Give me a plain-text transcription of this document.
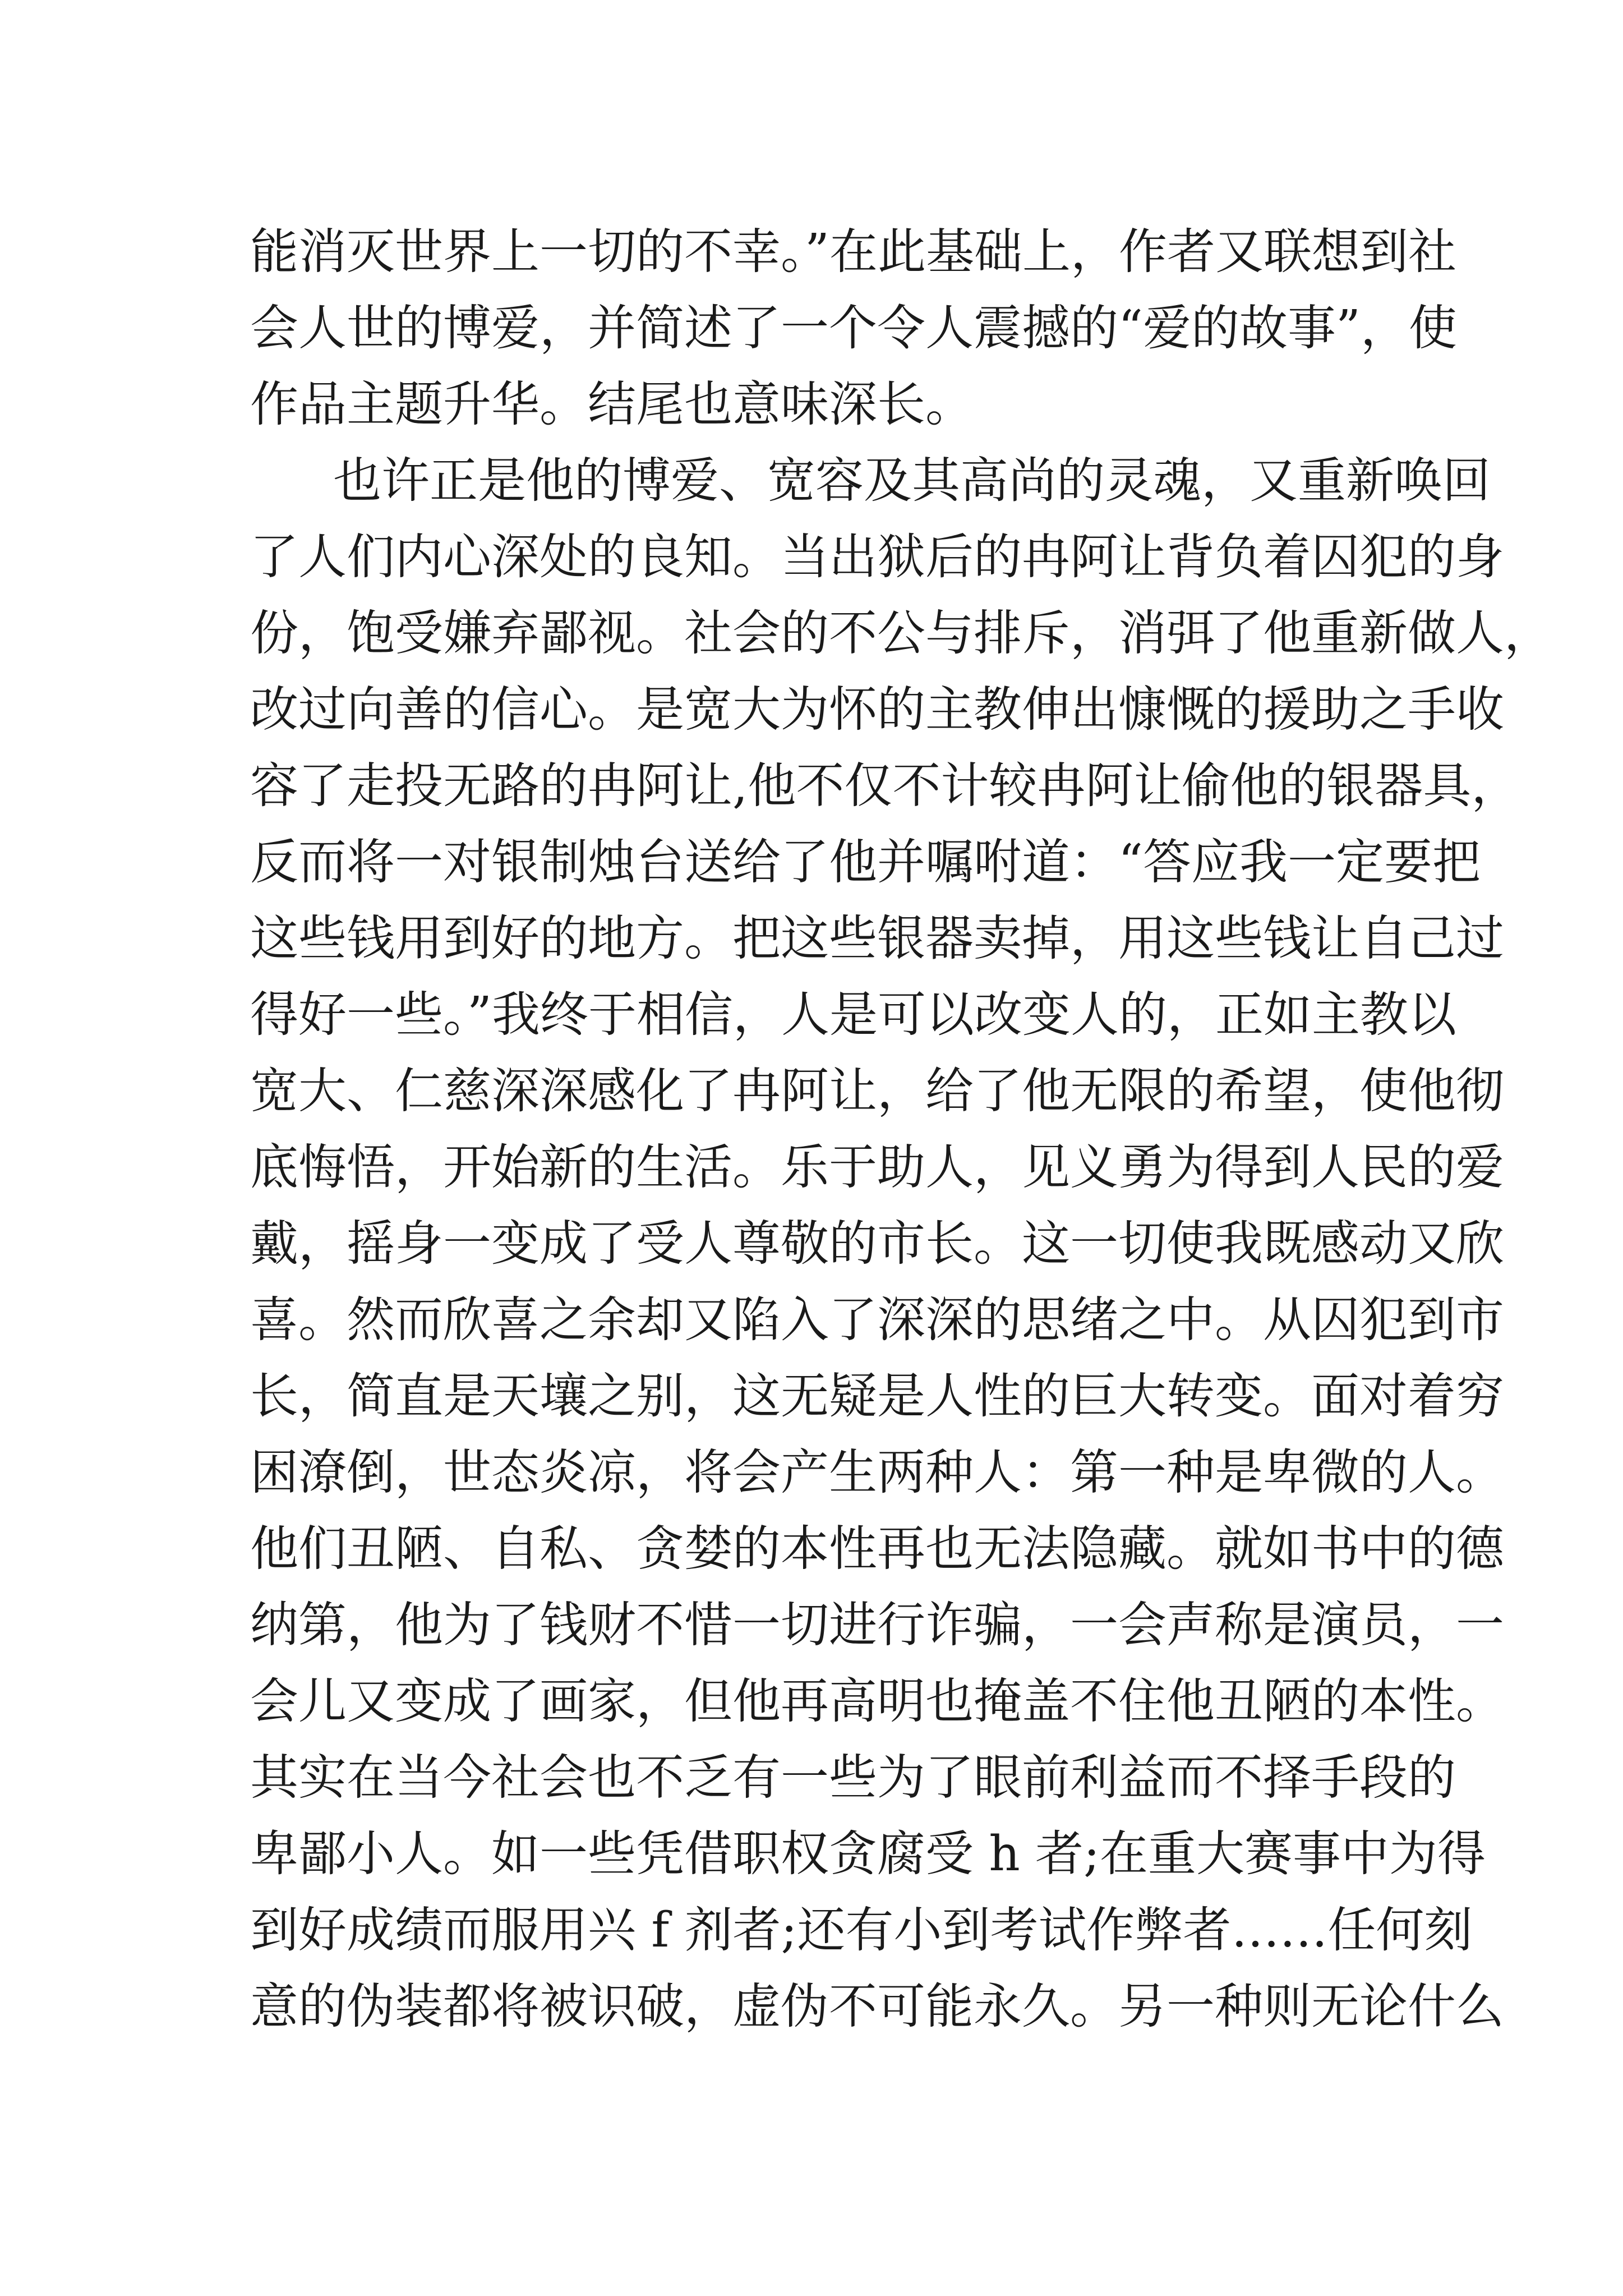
能消灭世界上一切的不幸。”在此基础上，作者又联想到社
会人世的博爱，并简述了一个令人震撼的“爱的故事”，使
作品主题升华。结尾也意味深长。
也许正是他的博爱、宽容及其高尚的灵魂，又重新唤回
了人们内心深处的良知。当出狱后的冉阿让背负着囚犯的身
份，饱受嫌弃鄙视。社会的不公与排斥，消弭了他重新做人，
改过向善的信心。是宽大为怀的主教伸出慷慨的援助之手收
容了走投无路的冉阿让,他不仅不计较冉阿让偷他的银器具，
反而将一对银制烛台送给了他并嘱咐道：“答应我一定要把
这些钱用到好的地方。把这些银器卖掉，用这些钱让自己过
得好一些。”我终于相信，人是可以改变人的，正如主教以
宽大、仁慈深深感化了冉阿让，给了他无限的希望，使他彻
底悔悟，开始新的生活。乐于助人，见义勇为得到人民的爱
戴，摇身一变成了受人尊敬的市长。这一切使我既感动又欣
喜。然而欣喜之余却又陷入了深深的思绪之中。从囚犯到市
长，简直是天壤之别，这无疑是人性的巨大转变。面对着穷
困潦倒，世态炎凉，将会产生两种人：第一种是卑微的人。
他们丑陋、自私、贪婪的本性再也无法隐藏。就如书中的德
纳第，他为了钱财不惜一切进行诈骗，一会声称是演员，一
会儿又变成了画家，但他再高明也掩盖不住他丑陋的本性。
其实在当今社会也不乏有一些为了眼前利益而不择手段的
卑鄙小人。如一些凭借职权贪腐受 h 者;在重大赛事中为得
到好成绩而服用兴 f 剂者;还有小到考试作弊者……任何刻
意的伪装都将被识破，虚伪不可能永久。另一种则无论什么
